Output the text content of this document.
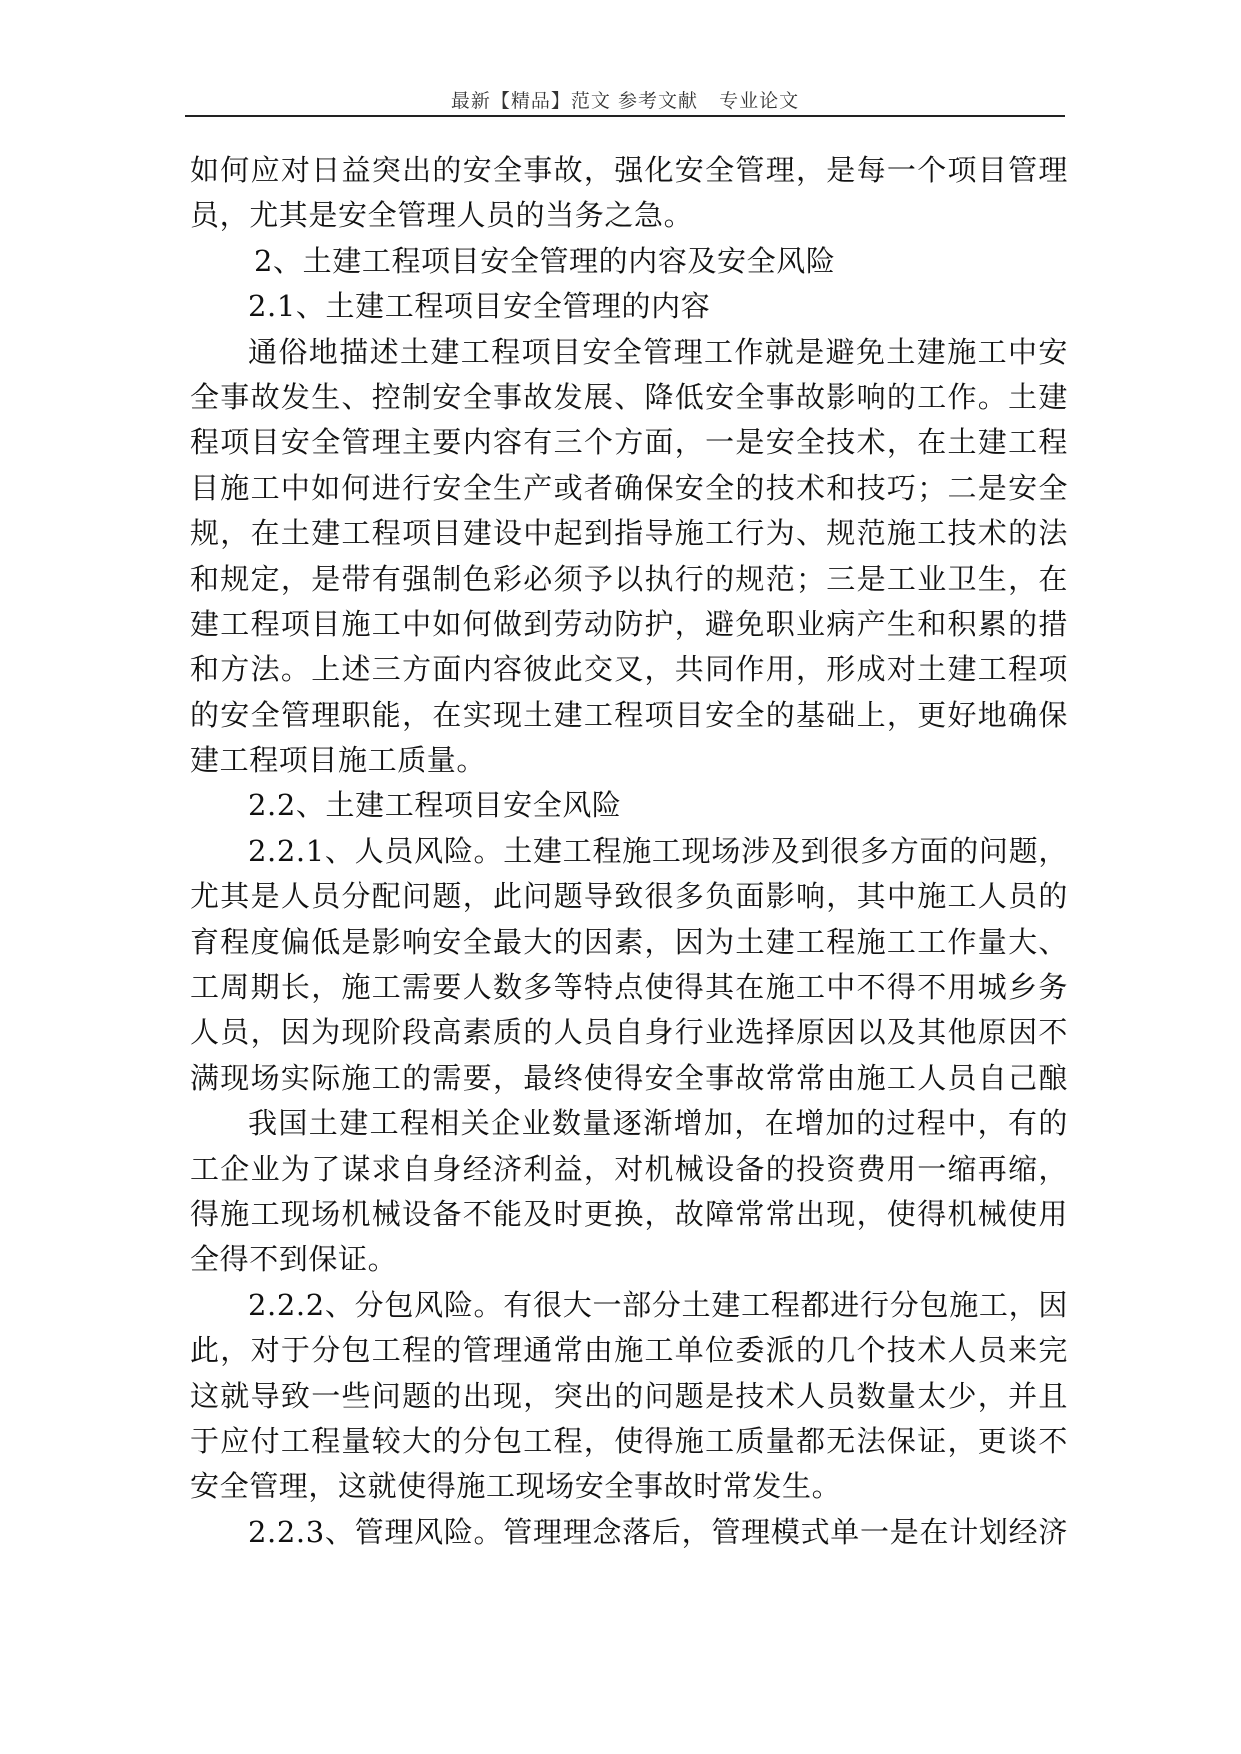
最新【精品】范文 参考文献   专业论文
如何应对日益突出的安全事故，强化安全管理，是每一个项目管理
员，尤其是安全管理人员的当务之急。
2、土建工程项目安全管理的内容及安全风险
2.1、土建工程项目安全管理的内容
通俗地描述土建工程项目安全管理工作就是避免土建施工中安
全事故发生、控制安全事故发展、降低安全事故影响的工作。土建
程项目安全管理主要内容有三个方面，一是安全技术，在土建工程
目施工中如何进行安全生产或者确保安全的技术和技巧；二是安全
规，在土建工程项目建设中起到指导施工行为、规范施工技术的法
和规定，是带有强制色彩必须予以执行的规范；三是工业卫生，在
建工程项目施工中如何做到劳动防护，避免职业病产生和积累的措
和方法。上述三方面内容彼此交叉，共同作用，形成对土建工程项
的安全管理职能，在实现土建工程项目安全的基础上，更好地确保
建工程项目施工质量。
2.2、土建工程项目安全风险
2.2.1、人员风险。土建工程施工现场涉及到很多方面的问题，
尤其是人员分配问题，此问题导致很多负面影响，其中施工人员的
育程度偏低是影响安全最大的因素，因为土建工程施工工作量大、
工周期长，施工需要人数多等特点使得其在施工中不得不用城乡务
人员，因为现阶段高素质的人员自身行业选择原因以及其他原因不
满现场实际施工的需要，最终使得安全事故常常由施工人员自己酿
我国土建工程相关企业数量逐渐增加，在增加的过程中，有的
工企业为了谋求自身经济利益，对机械设备的投资费用一缩再缩，
得施工现场机械设备不能及时更换，故障常常出现，使得机械使用
全得不到保证。
2.2.2、分包风险。有很大一部分土建工程都进行分包施工，因
此，对于分包工程的管理通常由施工单位委派的几个技术人员来完
这就导致一些问题的出现，突出的问题是技术人员数量太少，并且
于应付工程量较大的分包工程，使得施工质量都无法保证，更谈不
安全管理，这就使得施工现场安全事故时常发生。
2.2.3、管理风险。管理理念落后，管理模式单一是在计划经济
